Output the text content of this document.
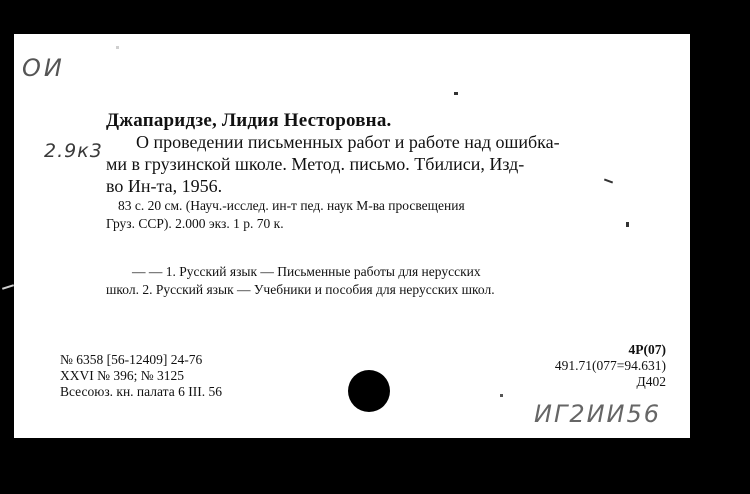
ОИ
2.9к3
Джапаридзе, Лидия Несторовна.
О проведении письменных работ и работе над ошибка-
ми в грузинской школе. Метод. письмо. Тбилиси, Изд-
во Ин-та, 1956.
83 с. 20 см. (Науч.-исслед. ин-т пед. наук М-ва просвещения
Груз. ССР). 2.000 экз. 1 р. 70 к.
— — 1. Русский язык — Письменные работы для нерусских
школ. 2. Русский язык — Учебники и пособия для нерусских школ.
№ 6358 [56-12409] 24-76
XXVI № 396; № 3125
Всесоюз. кн. палата 6 III. 56
4Р(07)
491.71(077=94.631)
Д402
ИГ2ИИ56
